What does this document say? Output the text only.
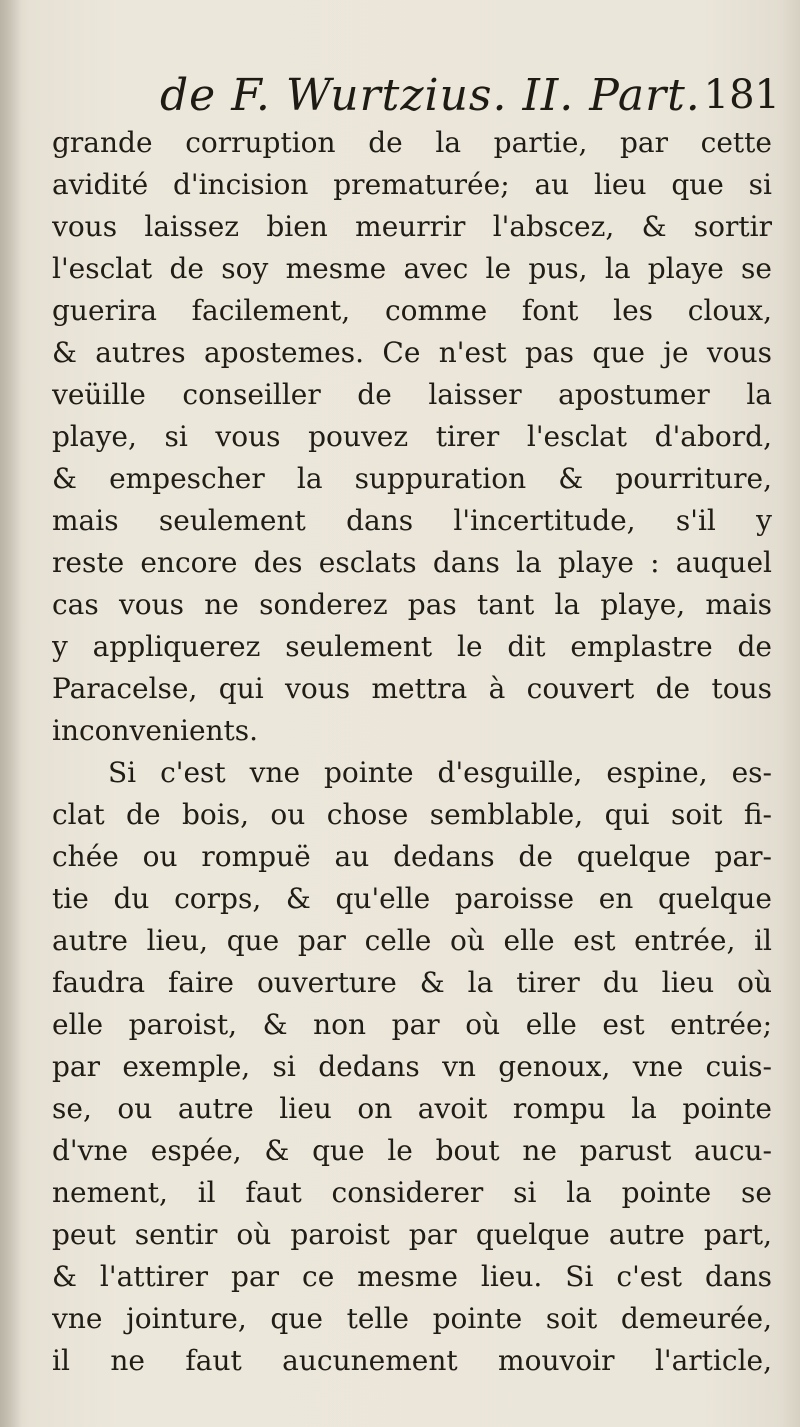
de F. Wurtzius. II. Part. 181
grande corruption de la partie, par cette
avidité d'incision prematurée; au lieu que si
vous laissez bien meurrir l'abscez, & sortir
l'esclat de soy mesme avec le pus, la playe se
guerira facilement, comme font les cloux,
& autres apostemes. Ce n'est pas que je vous
veüille conseiller de laisser apostumer la
playe, si vous pouvez tirer l'esclat d'abord,
& empescher la suppuration & pourriture,
mais seulement dans l'incertitude, s'il y
reste encore des esclats dans la playe : auquel
cas vous ne sonderez pas tant la playe, mais
y appliquerez seulement le dit emplastre de
Paracelse, qui vous mettra à couvert de tous
inconvenients.
Si c'est vne pointe d'esguille, espine, es-
clat de bois, ou chose semblable, qui soit fi-
chée ou rompuë au dedans de quelque par-
tie du corps, & qu'elle paroisse en quelque
autre lieu, que par celle où elle est entrée, il
faudra faire ouverture & la tirer du lieu où
elle paroist, & non par où elle est entrée;
par exemple, si dedans vn genoux, vne cuis-
se, ou autre lieu on avoit rompu la pointe
d'vne espée, & que le bout ne parust aucu-
nement, il faut considerer si la pointe se
peut sentir où paroist par quelque autre part,
& l'attirer par ce mesme lieu. Si c'est dans
vne jointure, que telle pointe soit demeurée,
il ne faut aucunement mouvoir l'article,
